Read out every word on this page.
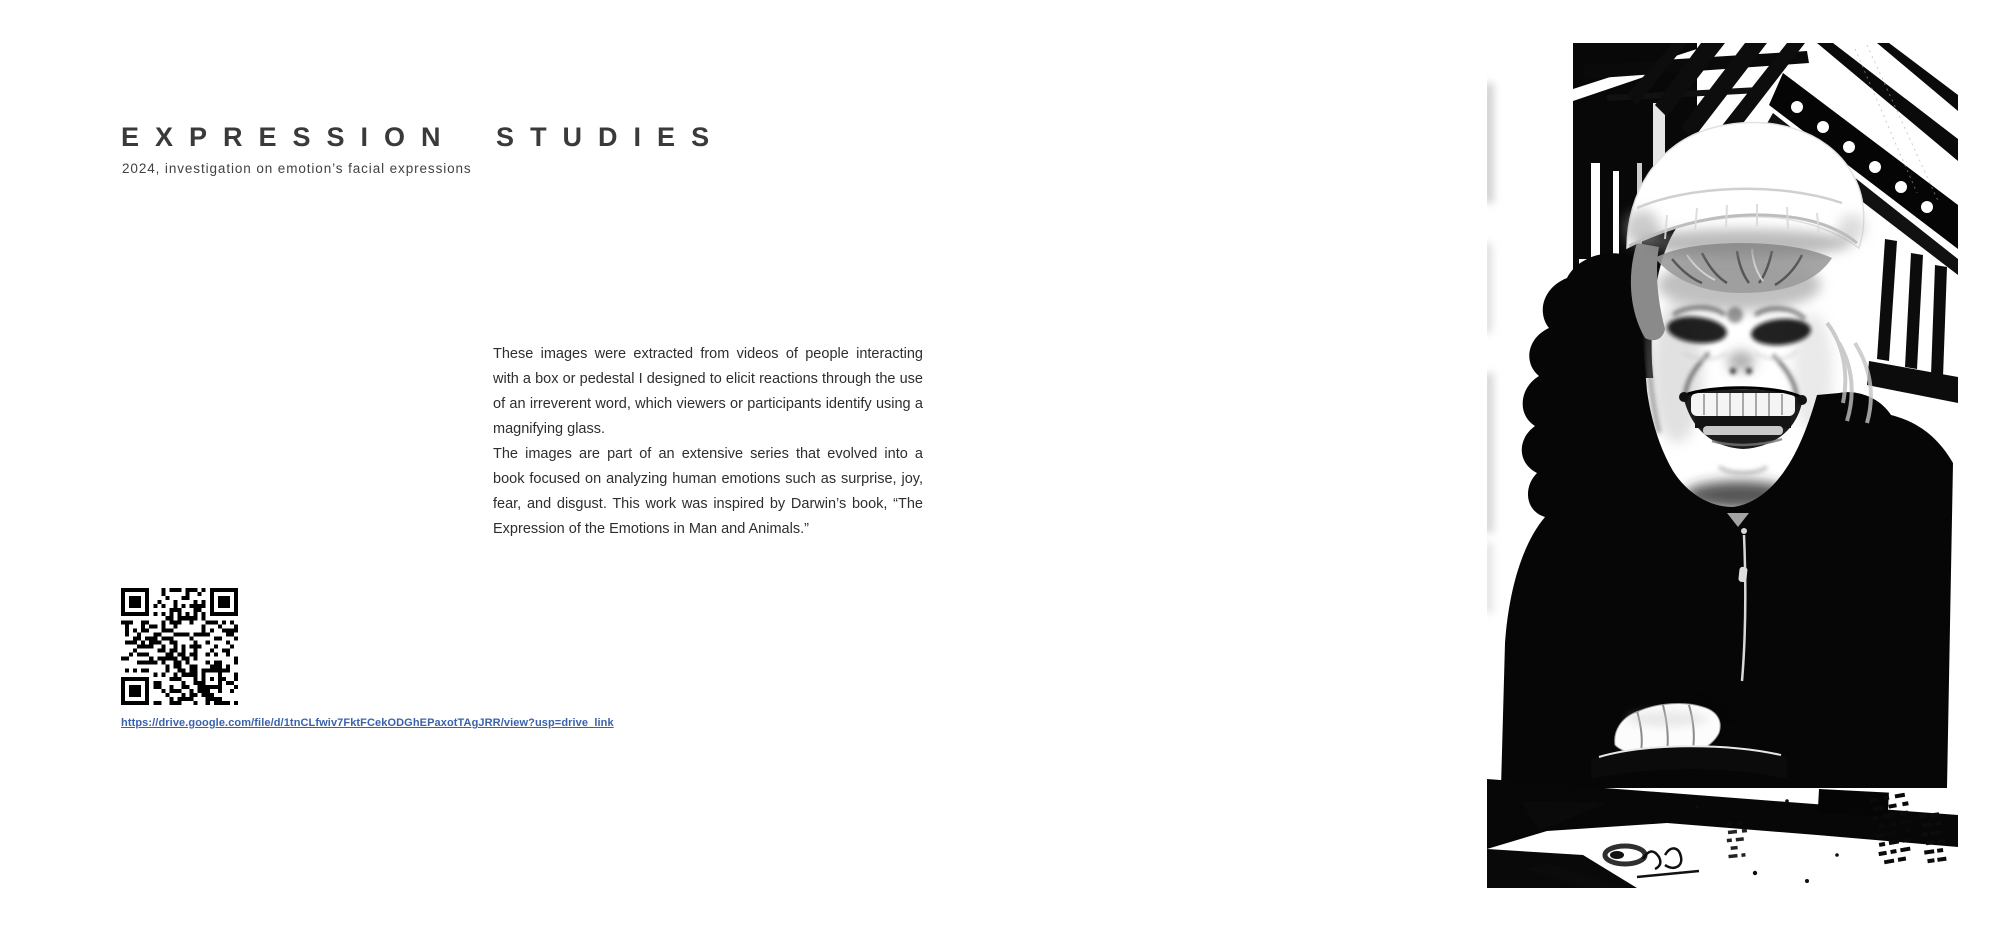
EXPRESSION STUDIES
2024, investigation on emotion’s facial expressions

These images were extracted from videos of people interacting with a box or pedestal I designed to elicit reactions through the use of an irreverent word, which viewers or participants identify using a magnifying glass.

The images are part of an extensive series that evolved into a book focused on analyzing human emotions such as surprise, joy, fear, and disgust. This work was inspired by Darwin’s book, “The Expression of the Emotions in Man and Animals.”

https://drive.google.com/file/d/1tnCLfwiv7FktFCekODGhEPaxotTAgJRR/view?usp=drive_link
